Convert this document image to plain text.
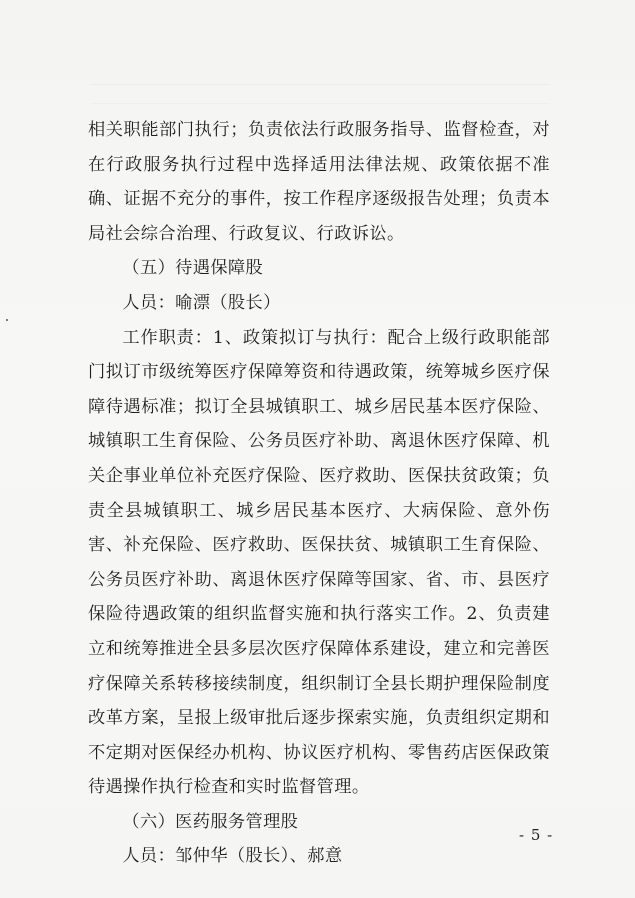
相关职能部门执行；负责依法行政服务指导、监督检查，对在行政服务执行过程中选择适用法律法规、政策依据不准确、证据不充分的事件，按工作程序逐级报告处理；负责本局社会综合治理、行政复议、行政诉讼。

（五）待遇保障股

人员：喻漂（股长）

工作职责：1、政策拟订与执行：配合上级行政职能部门拟订市级统筹医疗保障筹资和待遇政策，统筹城乡医疗保障待遇标准；拟订全县城镇职工、城乡居民基本医疗保险、城镇职工生育保险、公务员医疗补助、离退休医疗保障、机关企事业单位补充医疗保险、医疗救助、医保扶贫政策；负责全县城镇职工、城乡居民基本医疗、大病保险、意外伤害、补充保险、医疗救助、医保扶贫、城镇职工生育保险、公务员医疗补助、离退休医疗保障等国家、省、市、县医疗保险待遇政策的组织监督实施和执行落实工作。2、负责建立和统筹推进全县多层次医疗保障体系建设，建立和完善医疗保障关系转移接续制度，组织制订全县长期护理保险制度改革方案，呈报上级审批后逐步探索实施，负责组织定期和不定期对医保经办机构、协议医疗机构、零售药店医保政策待遇操作执行检查和实时监督管理。

（六）医药服务管理股

人员：邹仲华（股长）、郝意

- 5 -
